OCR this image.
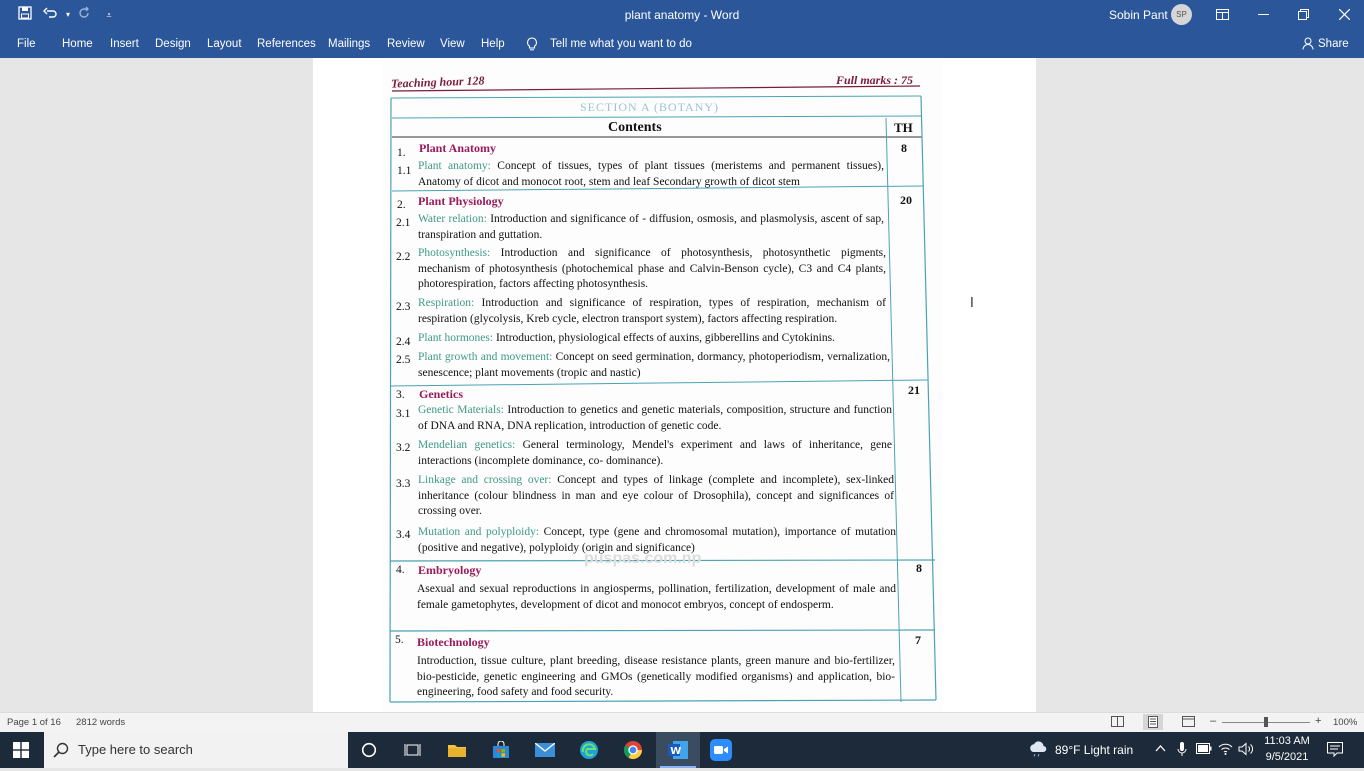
▾	⩡	plant anatomy - Word	Sobin Pant	SP
File Home Insert Design Layout References Mailings Review View Help	Tell me what you want to do	Share
Teaching hour 128	Full marks : 75
SECTION A (BOTANY)
Contents	TH
1. Plant Anatomy	8
1.1 Plant anatomy: Concept of tissues, types of plant tissues (meristems and permanent tissues), Anatomy of dicot and monocot root, stem and leaf Secondary growth of dicot stem
2. Plant Physiology	20
2.1 Water relation: Introduction and significance of - diffusion, osmosis, and plasmolysis, ascent of sap, transpiration and guttation.
2.2 Photosynthesis: Introduction and significance of photosynthesis, photosynthetic pigments, mechanism of photosynthesis (photochemical phase and Calvin-Benson cycle), C3 and C4 plants, photorespiration, factors affecting photosynthesis.
2.3 Respiration: Introduction and significance of respiration, types of respiration, mechanism of respiration (glycolysis, Kreb cycle, electron transport system), factors affecting respiration.
2.4 Plant hormones: Introduction, physiological effects of auxins, gibberellins and Cytokinins.
2.5 Plant growth and movement: Concept on seed germination, dormancy, photoperiodism, vernalization, senescence; plant movements (tropic and nastic)
3. Genetics	21
3.1 Genetic Materials: Introduction to genetics and genetic materials, composition, structure and function of DNA and RNA, DNA replication, introduction of genetic code.
3.2 Mendelian genetics: General terminology, Mendel's experiment and laws of inheritance, gene interactions (incomplete dominance, co- dominance).
3.3 Linkage and crossing over: Concept and types of linkage (complete and incomplete), sex-linked inheritance (colour blindness in man and eye colour of Drosophila), concept and significances of crossing over.
3.4 Mutation and polyploidy: Concept, type (gene and chromosomal mutation), importance of mutation (positive and negative), polyploidy (origin and significance)
puspas.com.np
4. Embryology	8
Asexual and sexual reproductions in angiosperms, pollination, fertilization, development of male and female gametophytes, development of dicot and monocot embryos, concept of endosperm.
5. Biotechnology	7
Introduction, tissue culture, plant breeding, disease resistance plants, green manure and bio-fertilizer, bio-pesticide, genetic engineering and GMOs (genetically modified organisms) and application, bio- engineering, food safety and food security.
I
Page 1 of 16 2812 words	–	+ 100%
Type here to search	W	89°F Light rain
11:03 AM
9/5/2021
